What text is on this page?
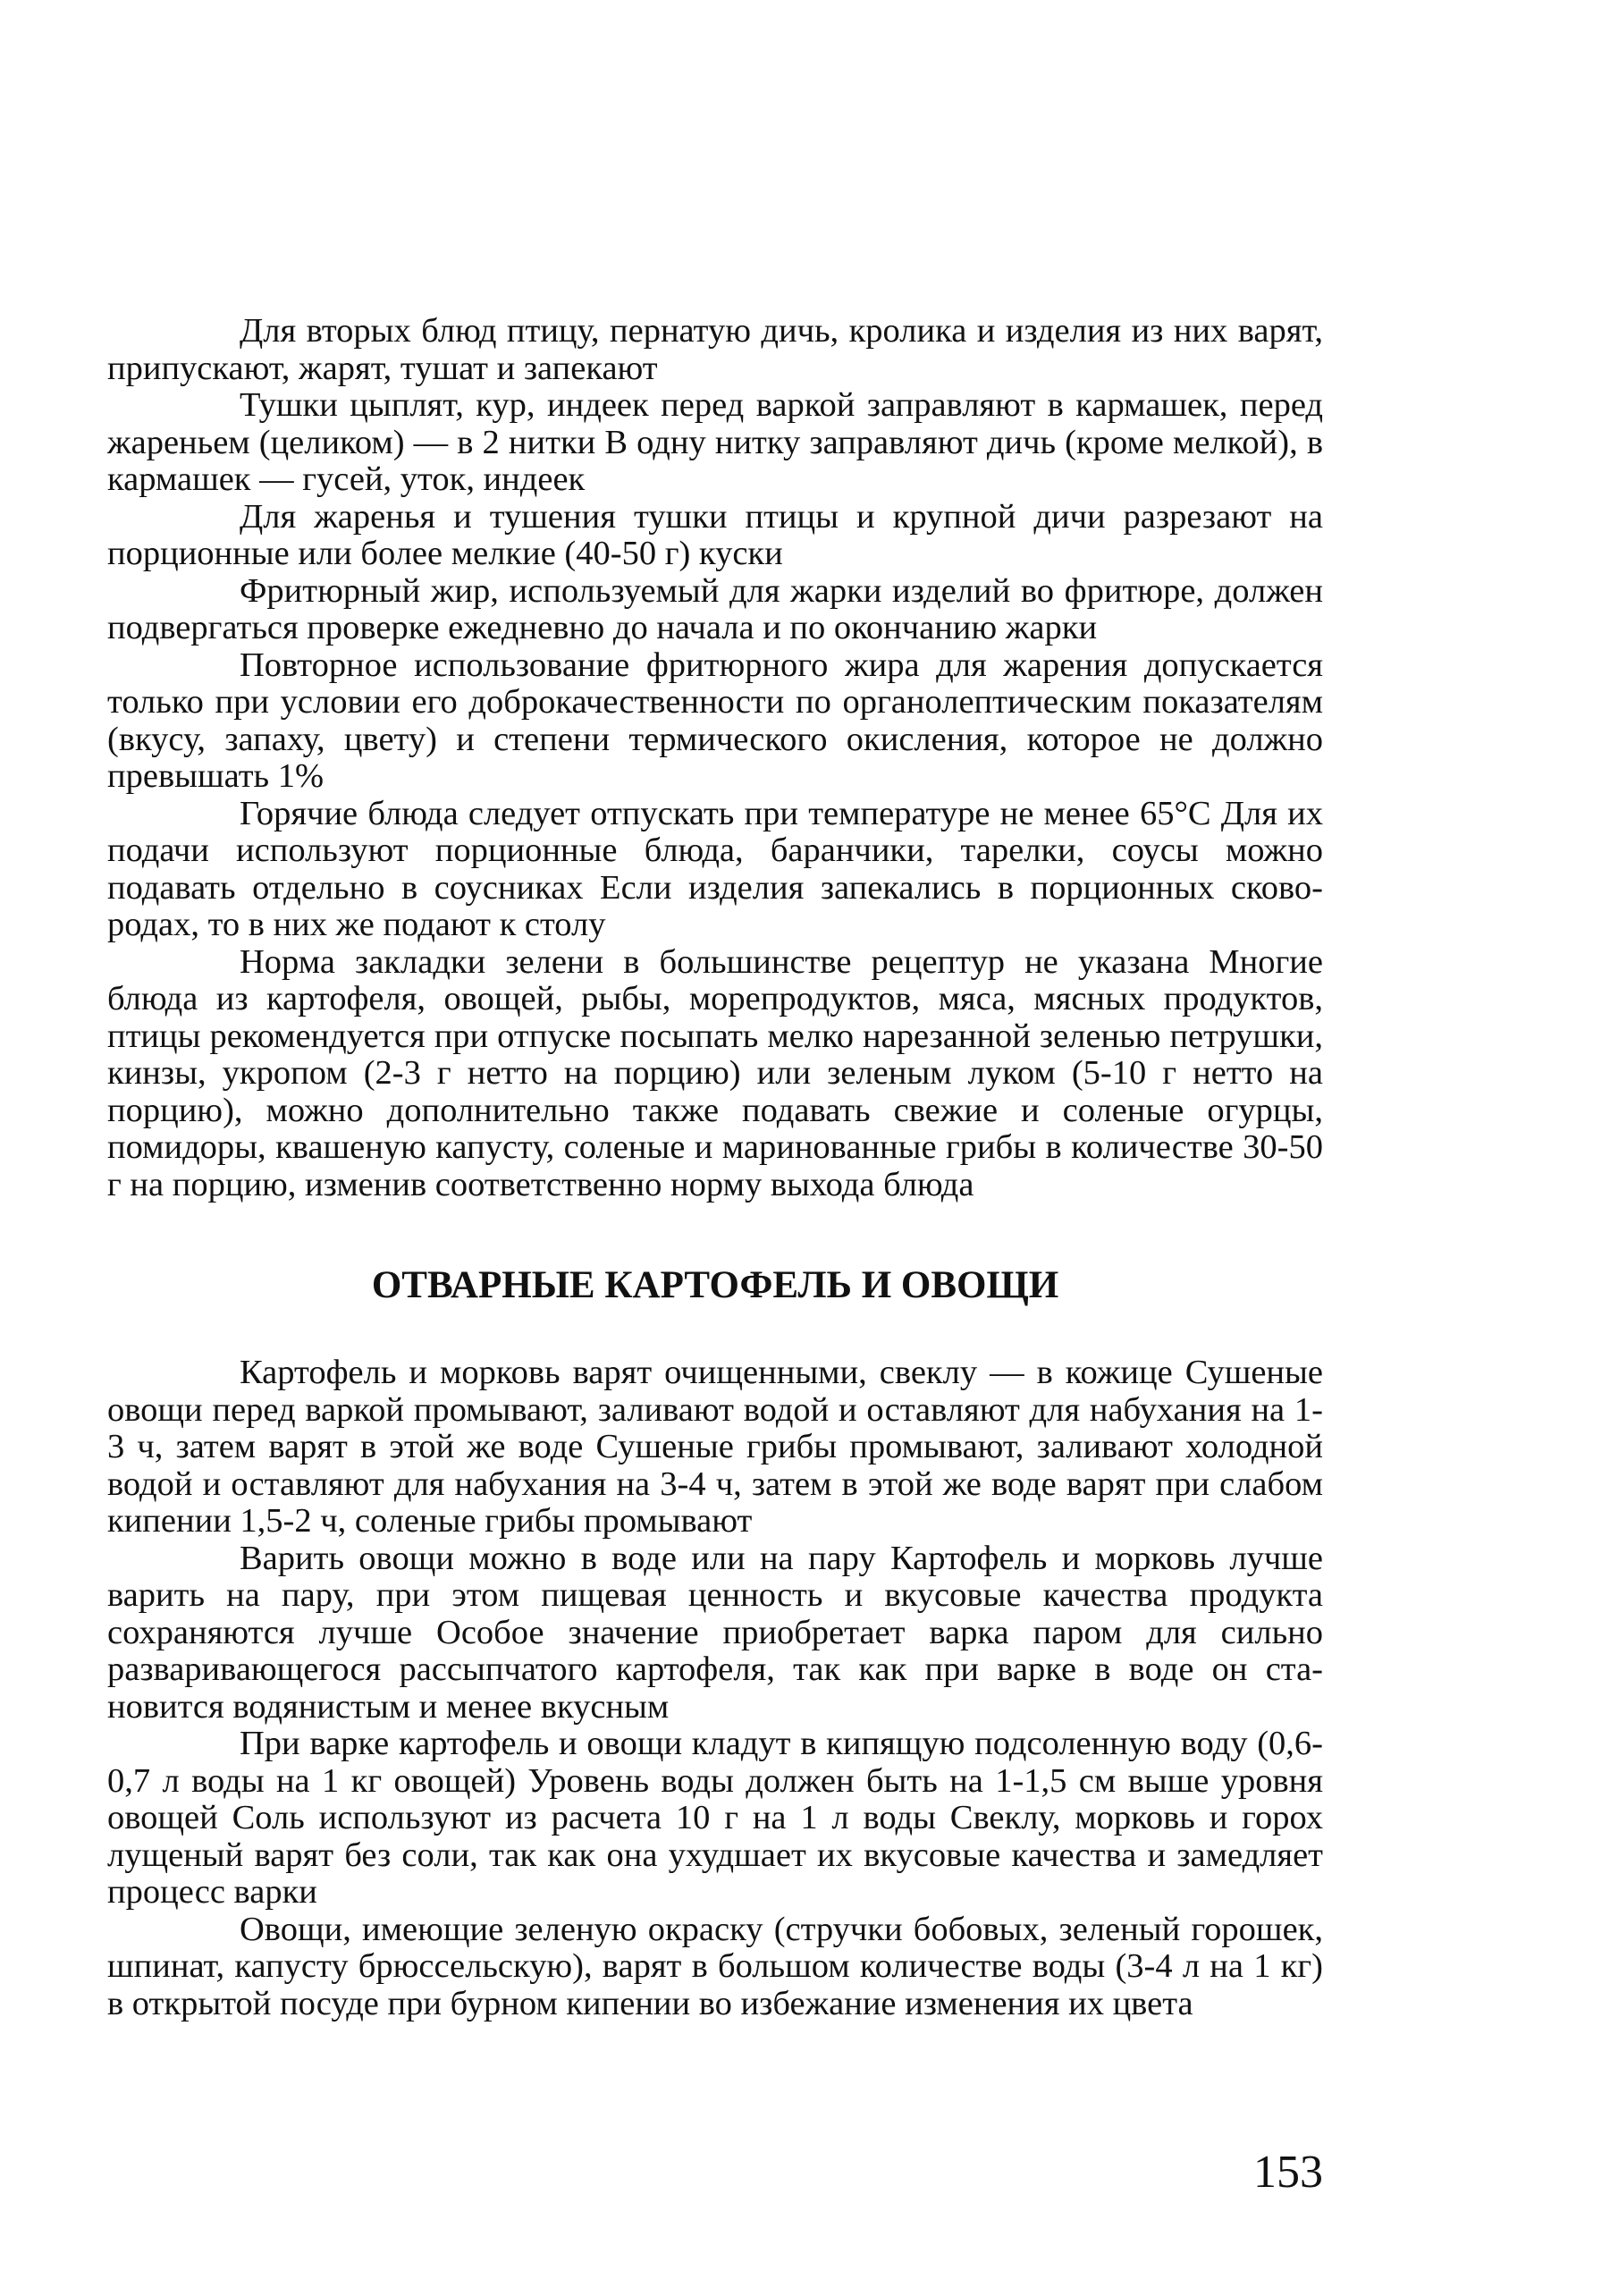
Для вторых блюд птицу, пернатую дичь, кролика и изделия из них варят, припускают, жарят, тушат и запекают

Тушки цыплят, кур, индеек перед варкой заправляют в кармашек, перед жареньем (целиком) — в 2 нитки В одну нитку заправляют дичь (кроме мелкой), в кармашек — гусей, уток, индеек

Для жаренья и тушения тушки птицы и крупной дичи разрезают на порционные или более мелкие (40-50 г) куски

Фритюрный жир, используемый для жарки изделий во фритюре, должен подвергаться проверке ежедневно до начала и по окончанию жарки

Повторное использование фритюрного жира для жарения допускается только при условии его доброкачественности по органолептическим показателям (вкусу, запаху, цвету) и степени термического окисления, которое не должно превышать 1%

Горячие блюда следует отпускать при температуре не менее 65°С Для их подачи используют порционные блюда, баранчики, тарелки, соусы можно подавать отдельно в соусниках Если изделия запекались в порционных сковородах, то в них же подают к столу

Норма закладки зелени в большинстве рецептур не указана Многие блюда из картофеля, овощей, рыбы, морепродуктов, мяса, мясных продуктов, птицы рекомендуется при отпуске посыпать мелко нарезанной зеленью петрушки, кинзы, укропом (2-3 г нетто на порцию) или зеленым луком (5-10 г нетто на порцию), можно дополнительно также подавать свежие и соленые огурцы, помидоры, квашеную капусту, соленые и маринованные грибы в количестве 30-50 г на порцию, изменив соответственно норму выхода блюда

ОТВАРНЫЕ КАРТОФЕЛЬ И ОВОЩИ

Картофель и морковь варят очищенными, свеклу — в кожице Сушеные овощи перед варкой промывают, заливают водой и оставляют для набухания на 1-3 ч, затем варят в этой же воде Сушеные грибы промывают, заливают холодной водой и оставляют для набухания на 3-4 ч, затем в этой же воде варят при слабом кипении 1,5-2 ч, соленые грибы промывают

Варить овощи можно в воде или на пару Картофель и морковь лучше варить на пару, при этом пищевая ценность и вкусовые качества продукта сохраняются лучше Особое значение приобретает варка паром для сильно разваривающегося рассыпчатого картофеля, так как при варке в воде он становится водянистым и менее вкусным

При варке картофель и овощи кладут в кипящую подсоленную воду (0,6-0,7 л воды на 1 кг овощей) Уровень воды должен быть на 1-1,5 см выше уровня овощей Соль используют из расчета 10 г на 1 л воды Свеклу, морковь и горох лущеный варят без соли, так как она ухудшает их вкусовые качества и замедляет процесс варки

Овощи, имеющие зеленую окраску (стручки бобовых, зеленый горошек, шпинат, капусту брюссельскую), варят в большом количестве воды (3-4 л на 1 кг) в открытой посуде при бурном кипении во избежание изменения их цвета

153
